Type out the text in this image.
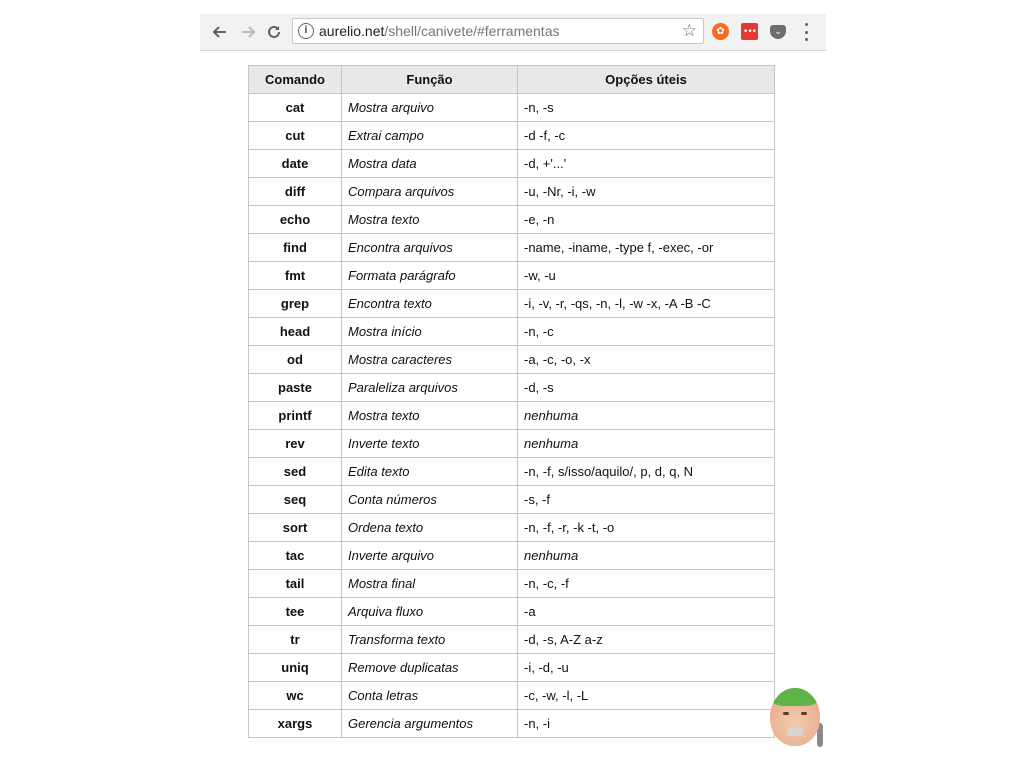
i aurelio.net/shell/canivete/#ferramentas	☆	✿	•••	⌄
Comando	Função	Opções úteis
cat	Mostra arquivo	-n, -s
cut	Extrai campo	-d -f, -c
date	Mostra data	-d, +'...'
diff	Compara arquivos	-u, -Nr, -i, -w
echo	Mostra texto	-e, -n
find	Encontra arquivos	-name, -iname, -type f, -exec, -or
fmt	Formata parágrafo	-w, -u
grep	Encontra texto	-i, -v, -r, -qs, -n, -l, -w -x, -A -B -C
head	Mostra início	-n, -c
od	Mostra caracteres	-a, -c, -o, -x
paste	Paraleliza arquivos	-d, -s
printf	Mostra texto	nenhuma
rev	Inverte texto	nenhuma
sed	Edita texto	-n, -f, s/isso/aquilo/, p, d, q, N
seq	Conta números	-s, -f
sort	Ordena texto	-n, -f, -r, -k -t, -o
tac	Inverte arquivo	nenhuma
tail	Mostra final	-n, -c, -f
tee	Arquiva fluxo	-a
tr	Transforma texto	-d, -s, A-Z a-z
uniq	Remove duplicatas	-i, -d, -u
wc	Conta letras	-c, -w, -l, -L
xargs	Gerencia argumentos	-n, -i
